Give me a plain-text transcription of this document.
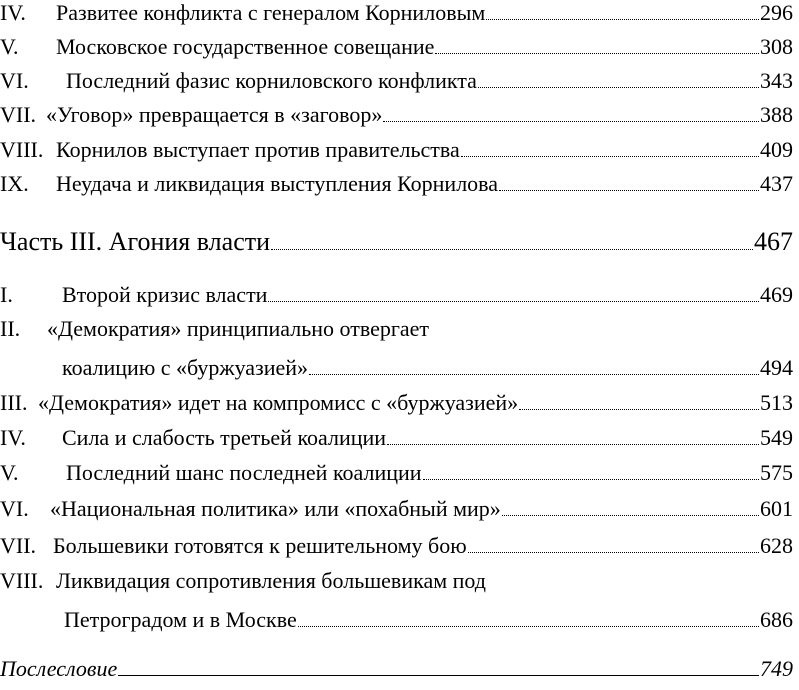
IV.	Развитее конфликта с генералом Корниловым	296
V.	Московское государственное совещание	308
VI.	Последний фазис корниловского конфликта	343
VII. «Уговор» превращается в «заговор»	388
VIII. Корнилов выступает против правительства	409
IX.	Неудача и ликвидация выступления Корнилова	437
Часть III. Агония власти	467
I.	Второй кризис власти	469
II. «Демократия» принципиально отвергает
коалицию с «буржуазией»	494
III. «Демократия» идет на компромисс с «буржуазией»	513
IV.	Сила и слабость третьей коалиции	549
V.	Последний шанс последней коалиции	575
VI. «Национальная политика» или «похабный мир»	601
VII. Большевики готовятся к решительному бою	628
VIII. Ликвидация сопротивления большевикам под
Петроградом и в Москве	686
Послесловие	749
